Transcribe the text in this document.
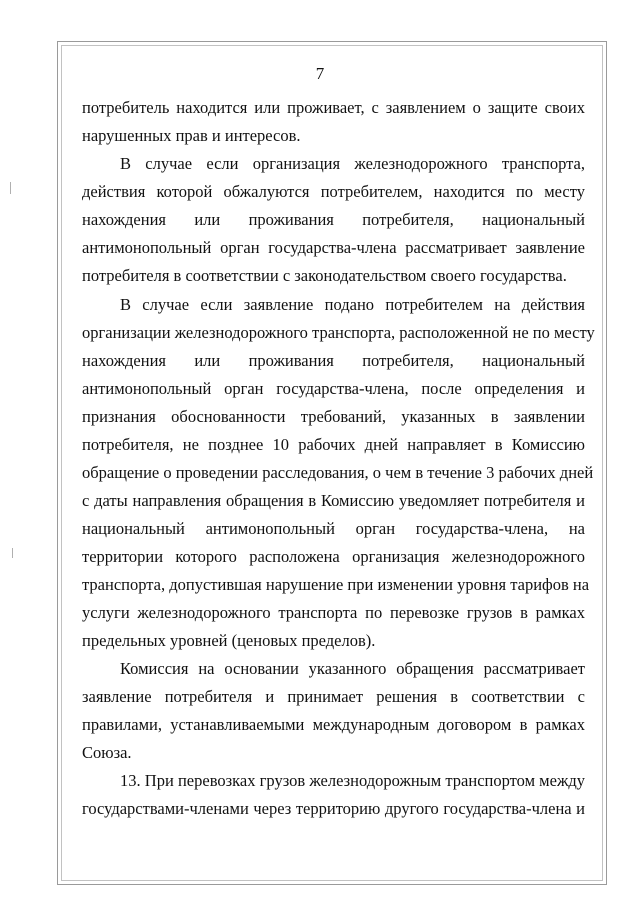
7
потребитель находится или проживает, с заявлением о защите своих
нарушенных прав и интересов.
В случае если организация железнодорожного транспорта,
действия которой обжалуются потребителем, находится по месту
нахождения или проживания потребителя, национальный
антимонопольный орган государства-члена рассматривает заявление
потребителя в соответствии с законодательством своего государства.
В случае если заявление подано потребителем на действия
организации железнодорожного транспорта, расположенной не по месту
нахождения или проживания потребителя, национальный
антимонопольный орган государства-члена, после определения и
признания обоснованности требований, указанных в заявлении
потребителя, не позднее 10 рабочих дней направляет в Комиссию
обращение о проведении расследования, о чем в течение 3 рабочих дней
с даты направления обращения в Комиссию уведомляет потребителя и
национальный антимонопольный орган государства-члена, на
территории которого расположена организация железнодорожного
транспорта, допустившая нарушение при изменении уровня тарифов на
услуги железнодорожного транспорта по перевозке грузов в рамках
предельных уровней (ценовых пределов).
Комиссия на основании указанного обращения рассматривает
заявление потребителя и принимает решения в соответствии с
правилами, устанавливаемыми международным договором в рамках
Союза.
13. При перевозках грузов железнодорожным транспортом между
государствами-членами через территорию другого государства-члена и
